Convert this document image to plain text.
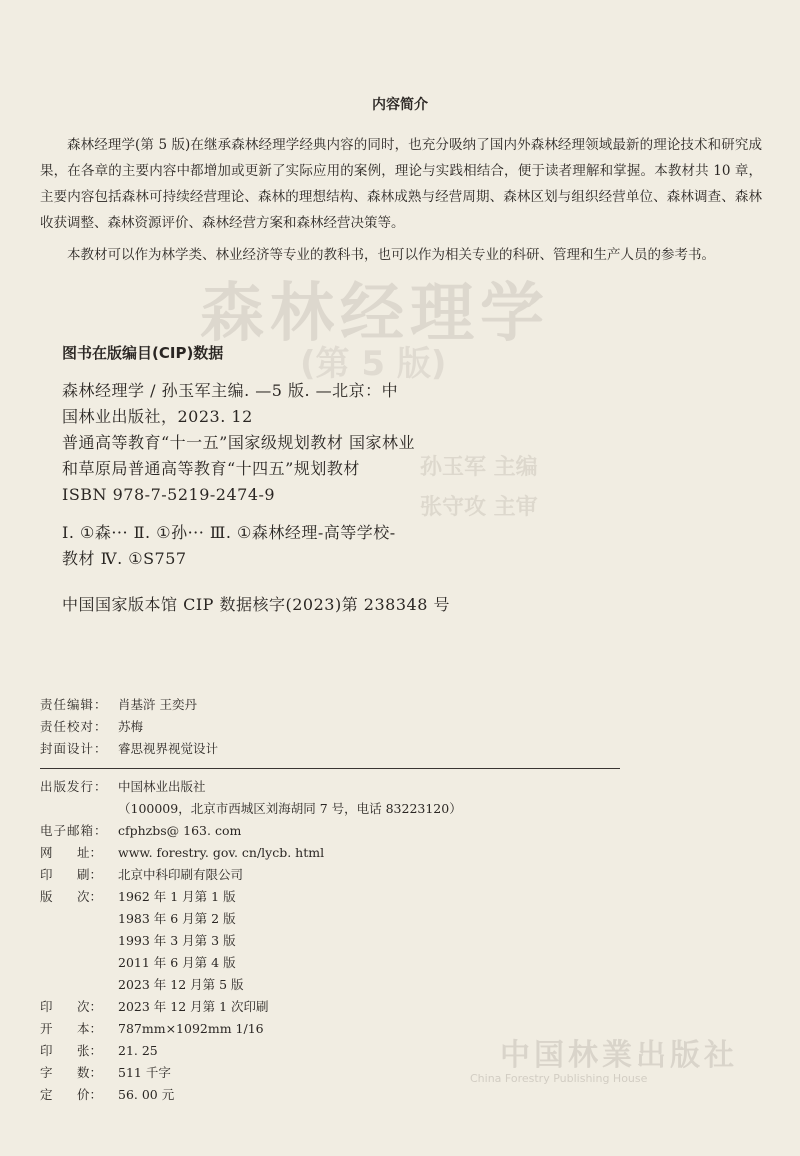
森林经理学
(第 5 版)
孙玉军 主编
张守攻 主审
中国林業出版社
China Forestry Publishing House
内容简介

森林经理学(第 5 版)在继承森林经理学经典内容的同时，也充分吸纳了国内外森林经理领域最新的理论技术和研究成果，在各章的主要内容中都增加或更新了实际应用的案例，理论与实践相结合，便于读者理解和掌握。本教材共 10 章，主要内容包括森林可持续经营理论、森林的理想结构、森林成熟与经营周期、森林区划与组织经营单位、森林调查、森林收获调整、森林资源评价、森林经营方案和森林经营决策等。

本教材可以作为林学类、林业经济等专业的教科书，也可以作为相关专业的科研、管理和生产人员的参考书。

图书在版编目(CIP)数据
森林经理学 / 孙玉军主编. —5 版. —北京：中
国林业出版社，2023. 12
普通高等教育“十一五”国家级规划教材 国家林业
和草原局普通高等教育“十四五”规划教材
ISBN 978-7-5219-2474-9
Ⅰ. ①森··· Ⅱ. ①孙··· Ⅲ. ①森林经理-高等学校-
教材 Ⅳ. ①S757
中国国家版本馆 CIP 数据核字(2023)第 238348 号
责任编辑： 肖基浒 王奕丹
责任校对： 苏梅
封面设计： 睿思视界视觉设计
出版发行： 中国林业出版社
（100009，北京市西城区刘海胡同 7 号，电话 83223120）
电子邮箱： cfphzbs@ 163. com
网 址： www. forestry. gov. cn/lycb. html
印 刷： 北京中科印刷有限公司
版 次： 1962 年 1 月第 1 版
1983 年 6 月第 2 版
1993 年 3 月第 3 版
2011 年 6 月第 4 版
2023 年 12 月第 5 版
印 次： 2023 年 12 月第 1 次印刷
开 本： 787mm×1092mm 1/16
印 张： 21. 25
字 数： 511 千字
定 价： 56. 00 元
